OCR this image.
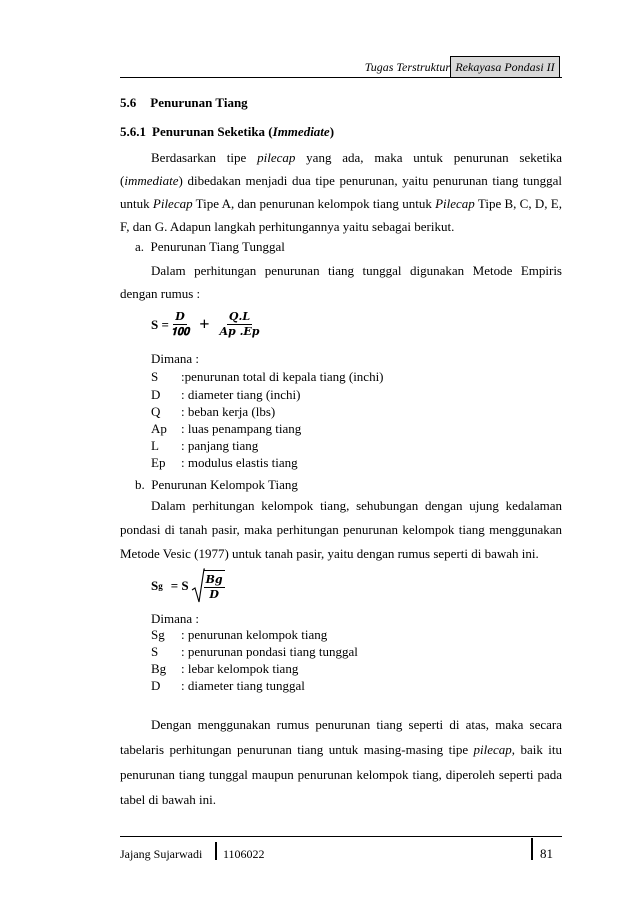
Tugas Terstruktur Rekayasa Pondasi II
5.6 Penurunan Tiang
5.6.1 Penurunan Seketika (Immediate)
Berdasarkan tipe pilecap yang ada, maka untuk penurunan seketika (immediate) dibedakan menjadi dua tipe penurunan, yaitu penurunan tiang tunggal untuk Pilecap Tipe A, dan penurunan kelompok tiang untuk Pilecap Tipe B, C, D, E, F, dan G. Adapun langkah perhitungannya yaitu sebagai berikut.
a. Penurunan Tiang Tunggal
Dalam perhitungan penurunan tiang tunggal digunakan Metode Empiris dengan rumus :
$S = \frac{\text{𝑫}}{𝟏𝟎𝟎} + \frac{\text{𝑸.𝑳}}{\text{𝑨𝒑 .𝑬𝒑}}$
Dimana :
S :penurunan total di kepala tiang (inchi)
D : diameter tiang (inchi)
Q : beban kerja (lbs)
Ap : luas penampang tiang
L : panjang tiang
Ep : modulus elastis tiang
b. Penurunan Kelompok Tiang
Dalam perhitungan kelompok tiang, sehubungan dengan ujung kedalaman pondasi di tanah pasir, maka perhitungan penurunan kelompok tiang menggunakan Metode Vesic (1977) untuk tanah pasir, yaitu dengan rumus seperti di bawah ini.
S g = S $\frac{\text{𝑩𝒈}}{\text{𝑫}}$
Dimana :
Sg : penurunan kelompok tiang
S : penurunan pondasi tiang tunggal
Bg : lebar kelompok tiang
D : diameter tiang tunggal
Dengan menggunakan rumus penurunan tiang seperti di atas, maka secara tabelaris perhitungan penurunan tiang untuk masing-masing tipe pilecap, baik itu penurunan tiang tunggal maupun penurunan kelompok tiang, diperoleh seperti pada tabel di bawah ini.
Jajang Sujarwadi 1106022	81
